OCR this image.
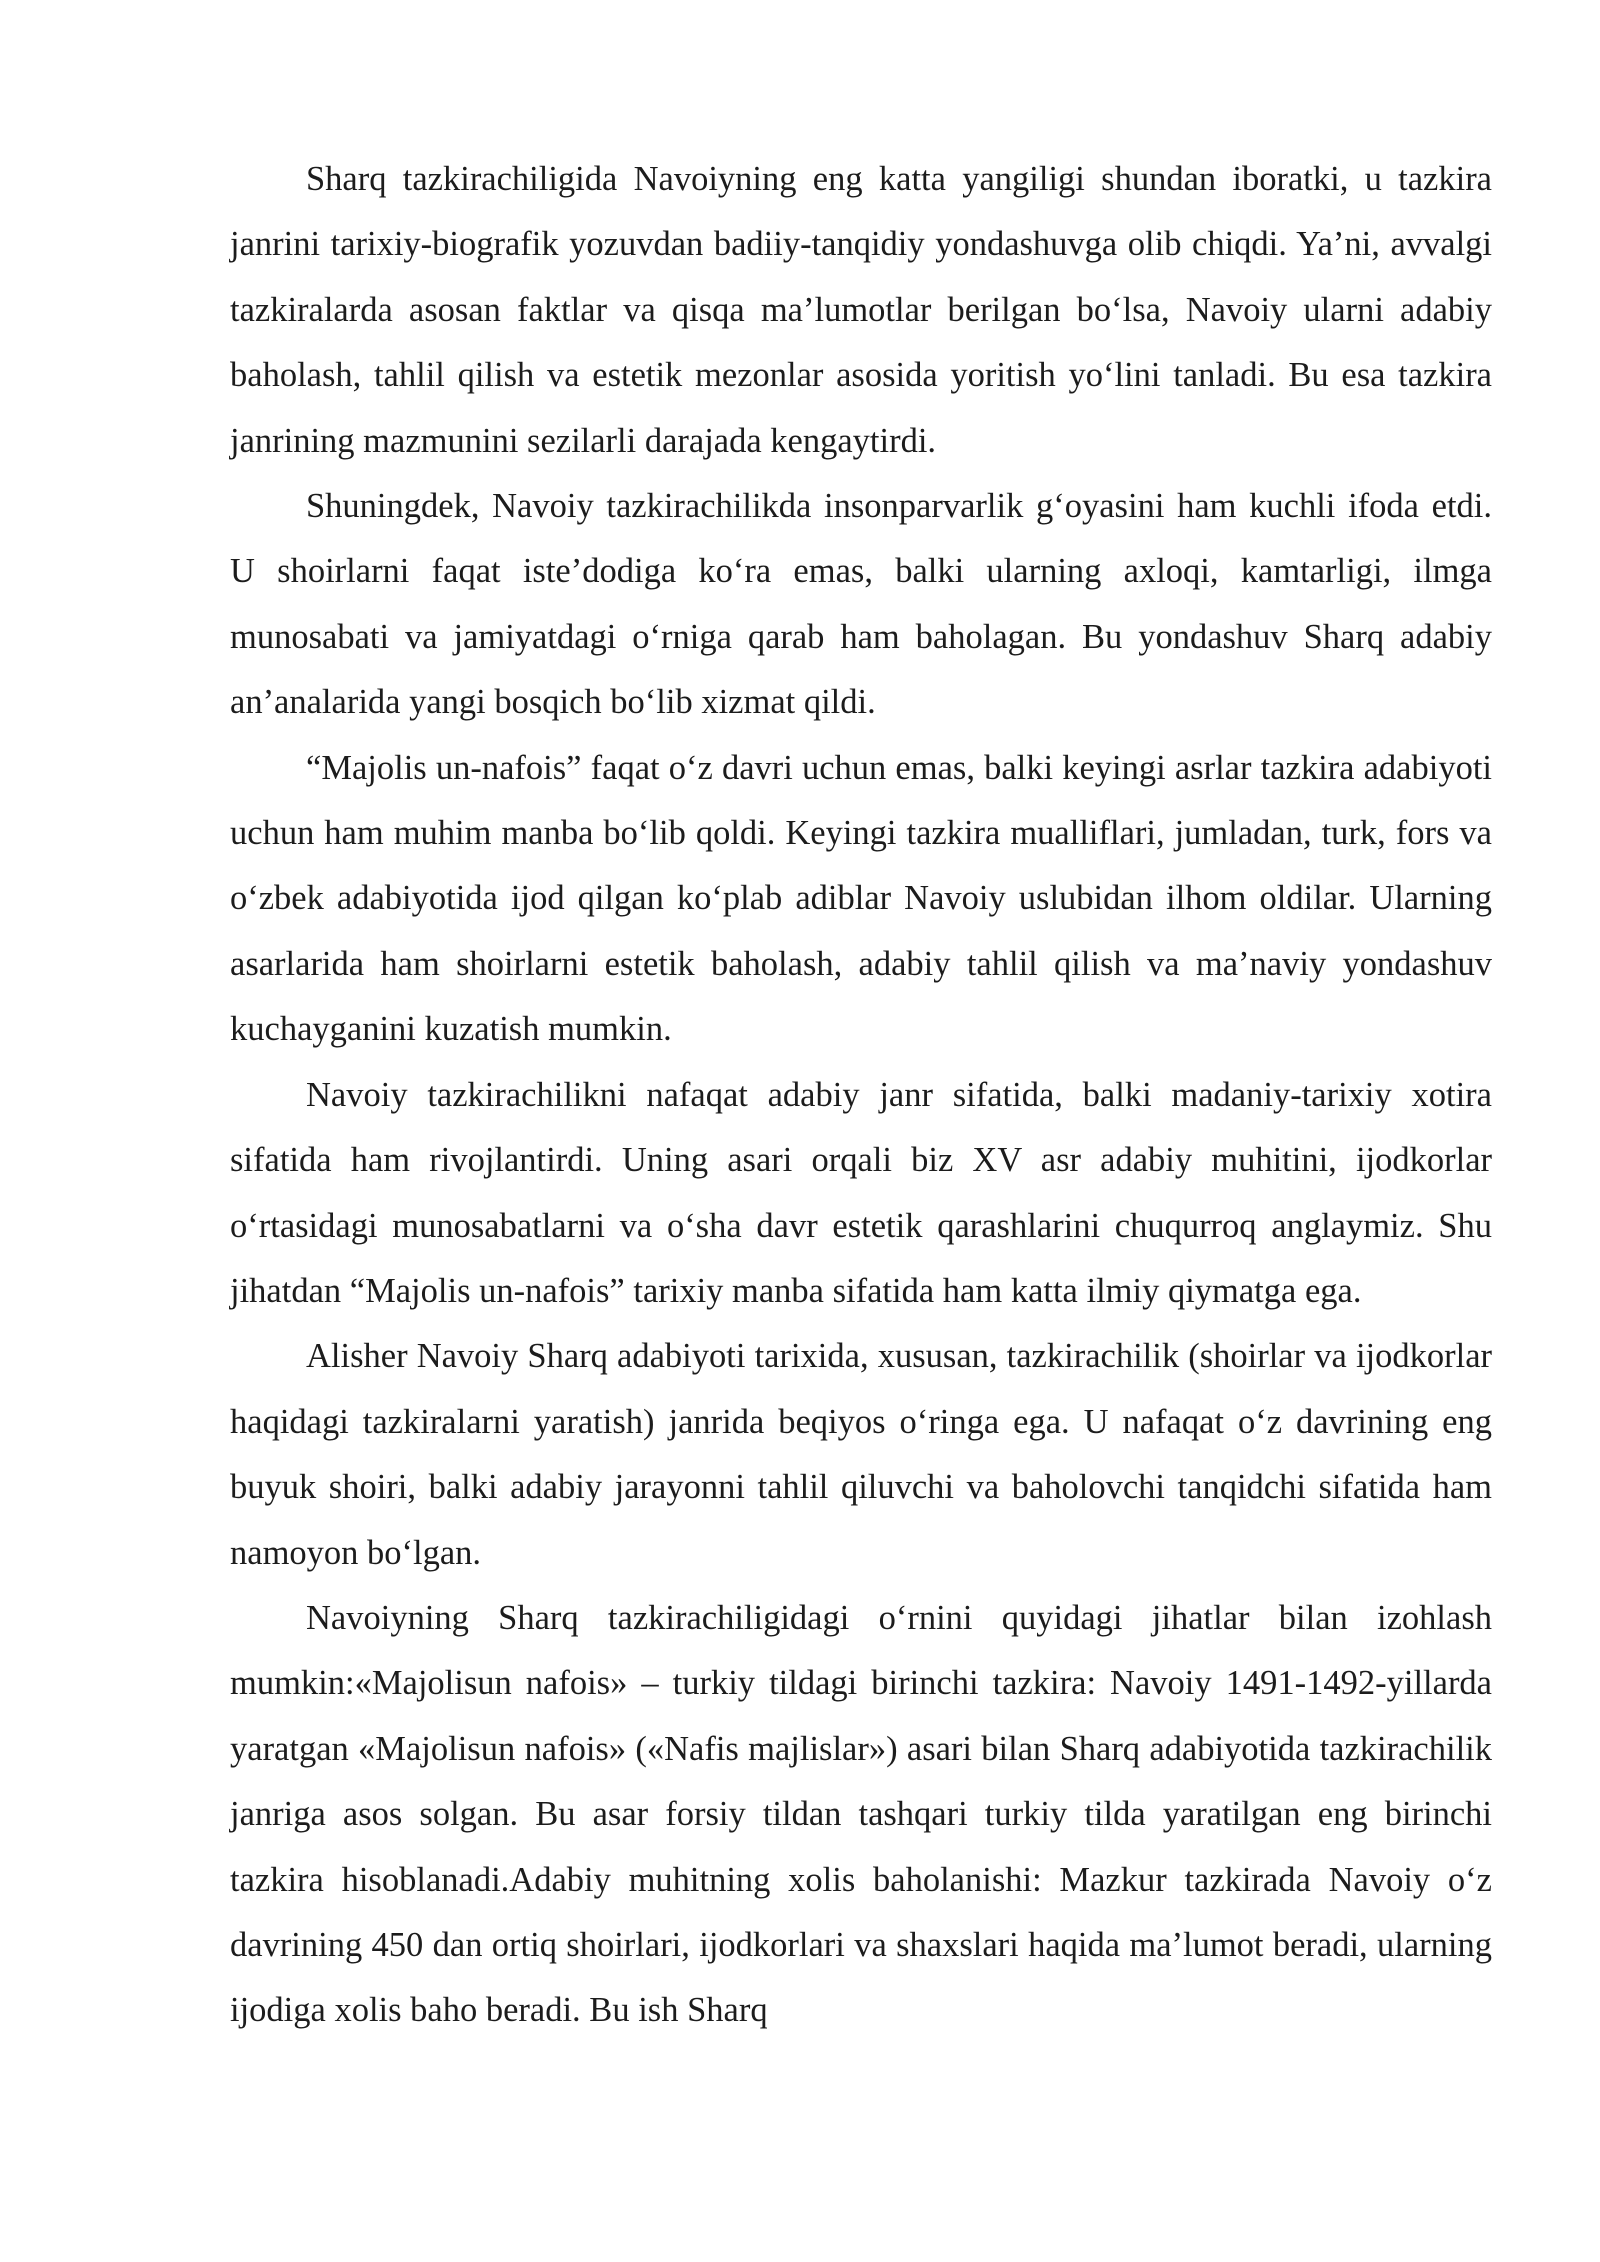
Sharq tazkirachiligida Navoiyning eng katta yangiligi shundan iboratki, u tazkira janrini tarixiy-biografik yozuvdan badiiy-tanqidiy yondashuvga olib chiqdi. Ya’ni, avvalgi tazkiralarda asosan faktlar va qisqa ma’lumotlar berilgan bo‘lsa, Navoiy ularni adabiy baholash, tahlil qilish va estetik mezonlar asosida yoritish yo‘lini tanladi. Bu esa tazkira janrining mazmunini sezilarli darajada kengaytirdi.

Shuningdek, Navoiy tazkirachilikda insonparvarlik g‘oyasini ham kuchli ifoda etdi. U shoirlarni faqat iste’dodiga ko‘ra emas, balki ularning axloqi, kamtarligi, ilmga munosabati va jamiyatdagi o‘rniga qarab ham baholagan. Bu yondashuv Sharq adabiy an’analarida yangi bosqich bo‘lib xizmat qildi.

“Majolis un-nafois” faqat o‘z davri uchun emas, balki keyingi asrlar tazkira adabiyoti uchun ham muhim manba bo‘lib qoldi. Keyingi tazkira mualliflari, jumladan, turk, fors va o‘zbek adabiyotida ijod qilgan ko‘plab adiblar Navoiy uslubidan ilhom oldilar. Ularning asarlarida ham shoirlarni estetik baholash, adabiy tahlil qilish va ma’naviy yondashuv kuchayganini kuzatish mumkin.

Navoiy tazkirachilikni nafaqat adabiy janr sifatida, balki madaniy-tarixiy xotira sifatida ham rivojlantirdi. Uning asari orqali biz XV asr adabiy muhitini, ijodkorlar o‘rtasidagi munosabatlarni va o‘sha davr estetik qarashlarini chuqurroq anglaymiz. Shu jihatdan “Majolis un-nafois” tarixiy manba sifatida ham katta ilmiy qiymatga ega.

Alisher Navoiy Sharq adabiyoti tarixida, xususan, tazkirachilik (shoirlar va ijodkorlar haqidagi tazkiralarni yaratish) janrida beqiyos o‘ringa ega. U nafaqat o‘z davrining eng buyuk shoiri, balki adabiy jarayonni tahlil qiluvchi va baholovchi tanqidchi sifatida ham namoyon bo‘lgan.

Navoiyning Sharq tazkirachiligidagi o‘rnini quyidagi jihatlar bilan izohlash mumkin:«Majolisun nafois» – turkiy tildagi birinchi tazkira: Navoiy 1491-1492-yillarda yaratgan «Majolisun nafois» («Nafis majlislar») asari bilan Sharq adabiyotida tazkirachilik janriga asos solgan. Bu asar forsiy tildan tashqari turkiy tilda yaratilgan eng birinchi tazkira hisoblanadi.Adabiy muhitning xolis baholanishi: Mazkur tazkirada Navoiy o‘z davrining 450 dan ortiq shoirlari, ijodkorlari va shaxslari haqida ma’lumot beradi, ularning ijodiga xolis baho beradi. Bu ish Sharq
